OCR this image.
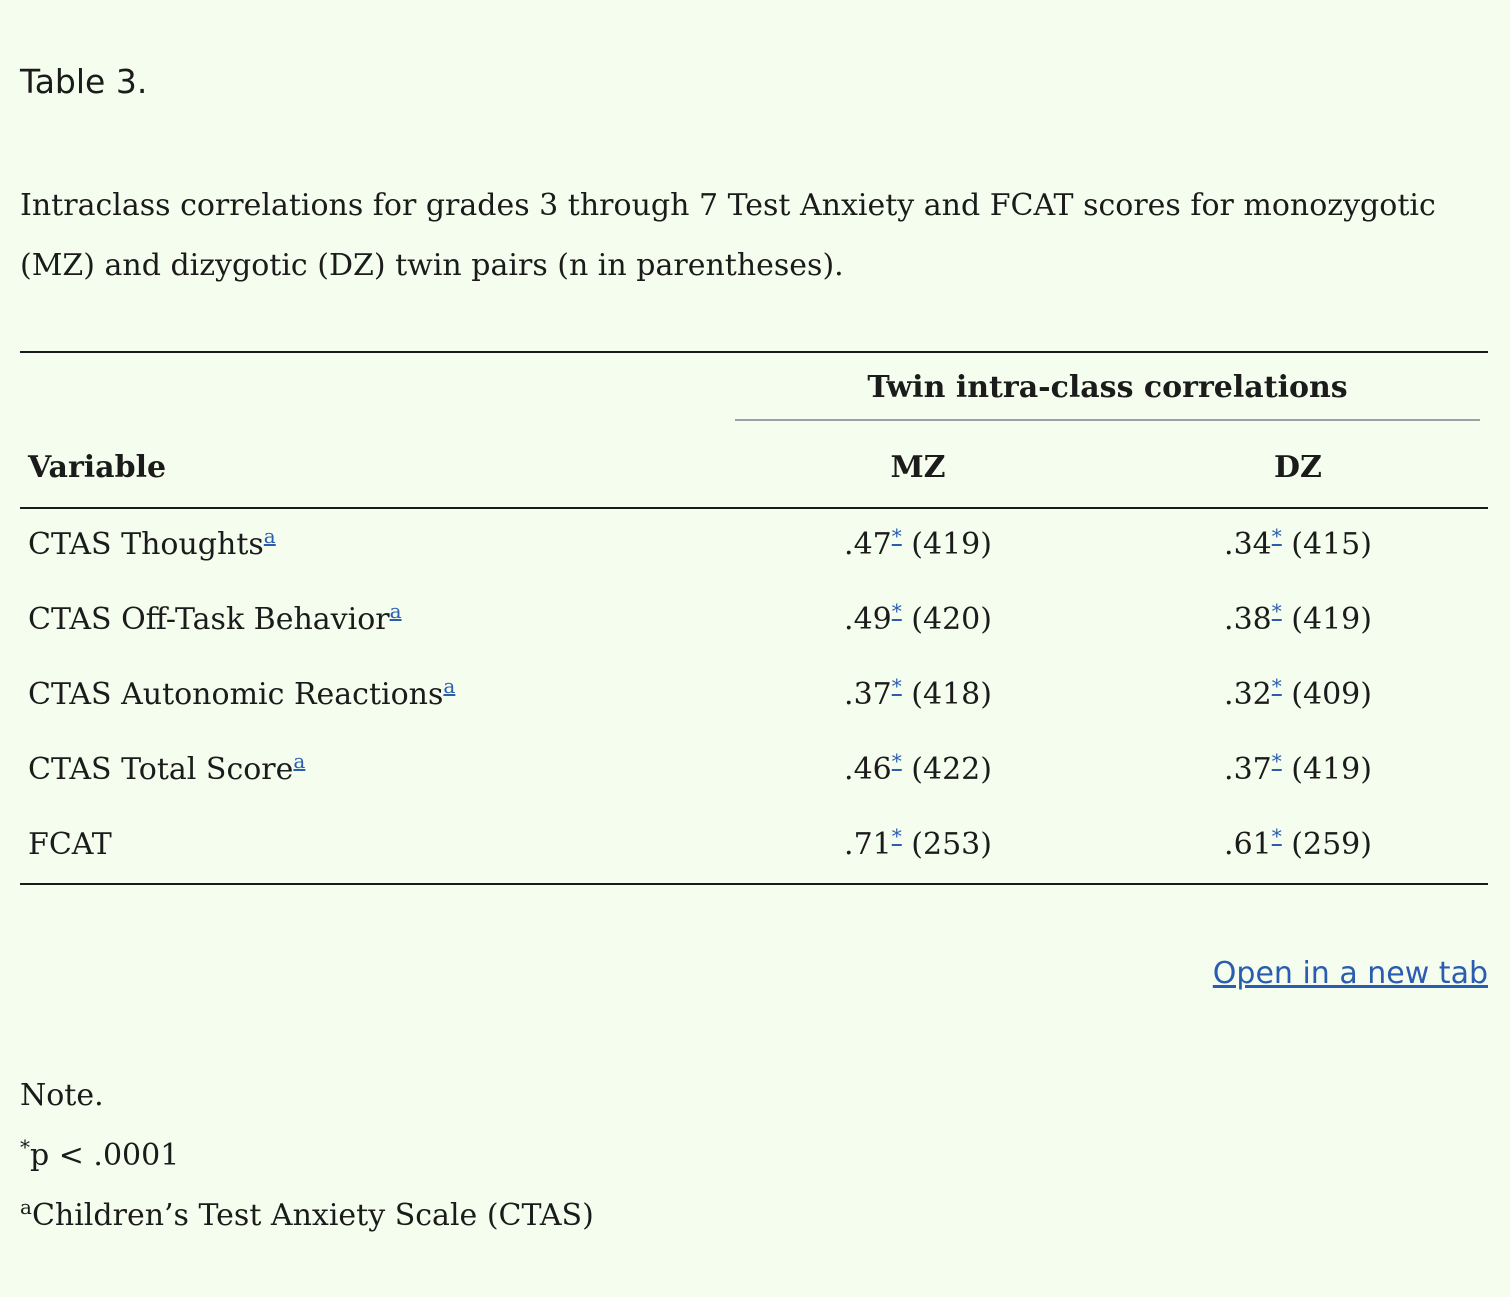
Table 3.

Intraclass correlations for grades 3 through 7 Test Anxiety and FCAT scores for monozygotic (MZ) and dizygotic (DZ) twin pairs (n in parentheses).

Twin intra-class correlations
Variable	MZ	DZ
CTAS Thoughts$^a$	.47* (419)	.34* (415)
CTAS Off-Task Behavior$^a$	.49* (420)	.38* (419)
CTAS Autonomic Reactions$^a$	.37* (418)	.32* (409)
CTAS Total Score$^a$	.46* (422)	.37* (419)
FCAT	.71* (253)	.61* (259)
Open in a new tab
Note.
*p < .0001
$^a$Children’s Test Anxiety Scale (CTAS)
